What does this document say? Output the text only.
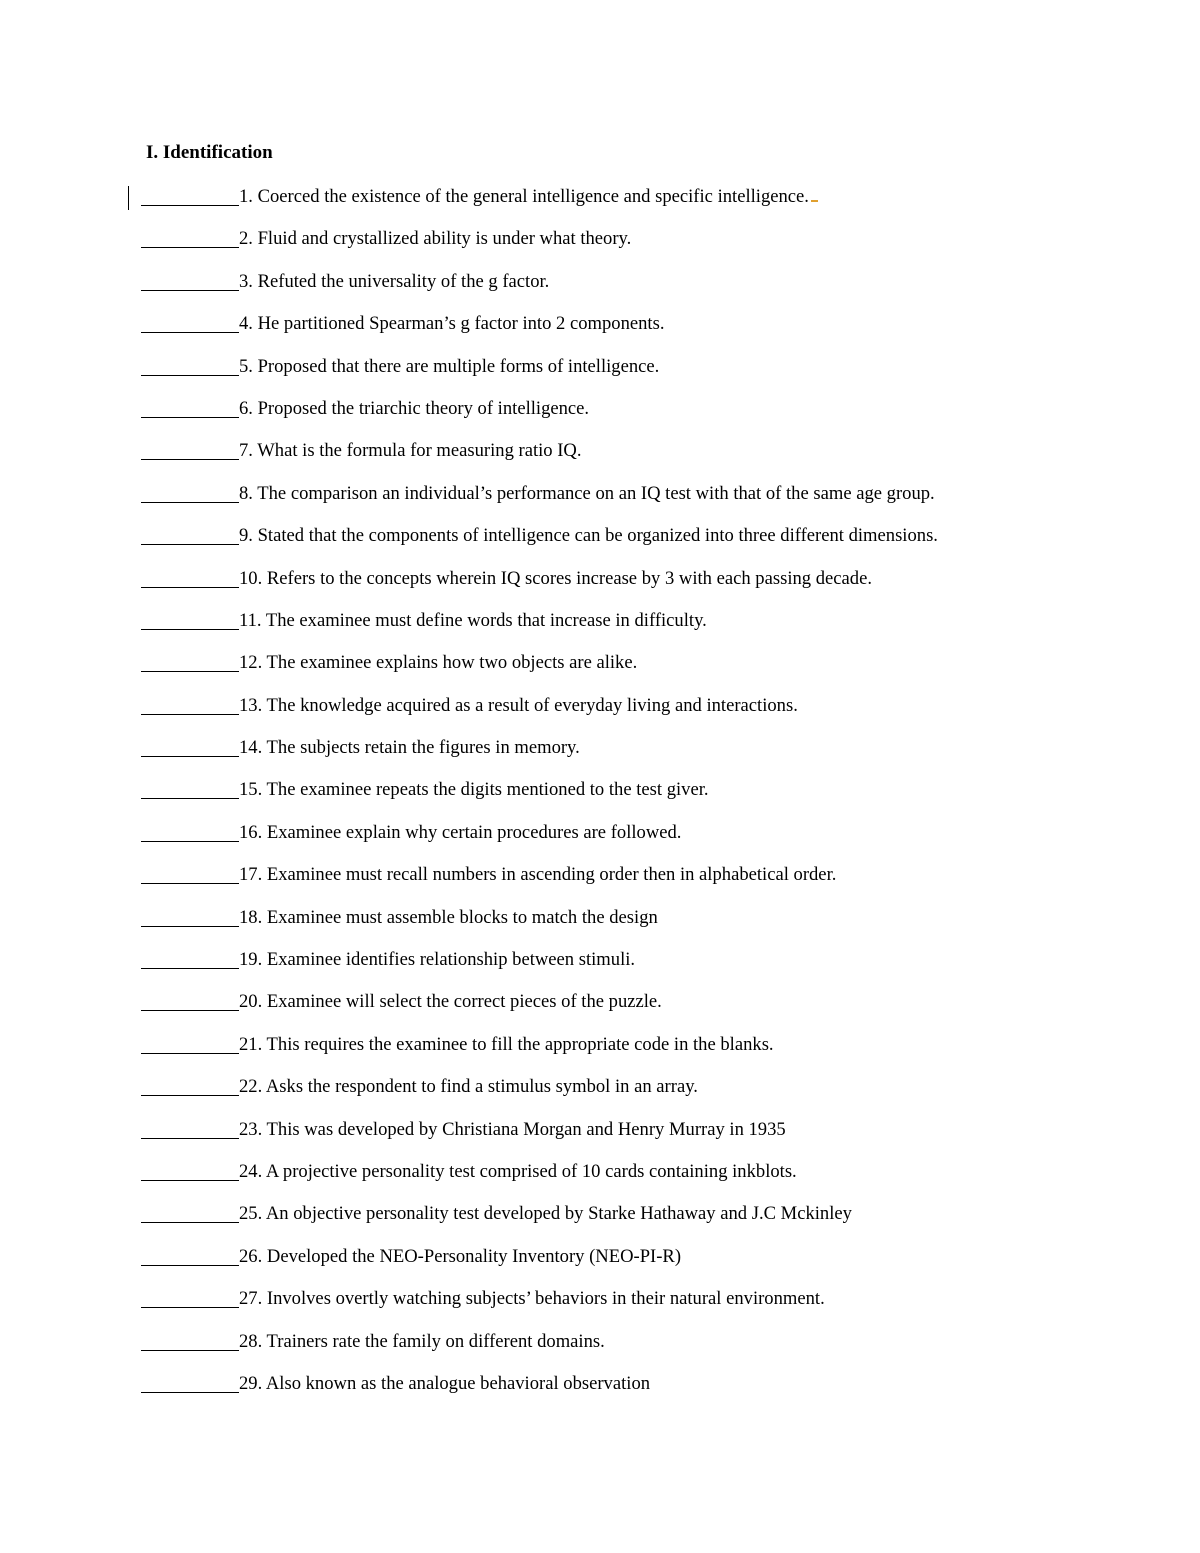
I. Identification
1. Coerced the existence of the general intelligence and specific intelligence.
2. Fluid and crystallized ability is under what theory.
3. Refuted the universality of the g factor.
4. He partitioned Spearman’s g factor into 2 components.
5. Proposed that there are multiple forms of intelligence.
6. Proposed the triarchic theory of intelligence.
7. What is the formula for measuring ratio IQ.
8. The comparison an individual’s performance on an IQ test with that of the same age group.
9. Stated that the components of intelligence can be organized into three different dimensions.
10. Refers to the concepts wherein IQ scores increase by 3 with each passing decade.
11. The examinee must define words that increase in difficulty.
12. The examinee explains how two objects are alike.
13. The knowledge acquired as a result of everyday living and interactions.
14. The subjects retain the figures in memory.
15. The examinee repeats the digits mentioned to the test giver.
16. Examinee explain why certain procedures are followed.
17. Examinee must recall numbers in ascending order then in alphabetical order.
18. Examinee must assemble blocks to match the design
19. Examinee identifies relationship between stimuli.
20. Examinee will select the correct pieces of the puzzle.
21. This requires the examinee to fill the appropriate code in the blanks.
22. Asks the respondent to find a stimulus symbol in an array.
23. This was developed by Christiana Morgan and Henry Murray in 1935
24. A projective personality test comprised of 10 cards containing inkblots.
25. An objective personality test developed by Starke Hathaway and J.C Mckinley
26. Developed the NEO-Personality Inventory (NEO-PI-R)
27. Involves overtly watching subjects’ behaviors in their natural environment.
28. Trainers rate the family on different domains.
29. Also known as the analogue behavioral observation
